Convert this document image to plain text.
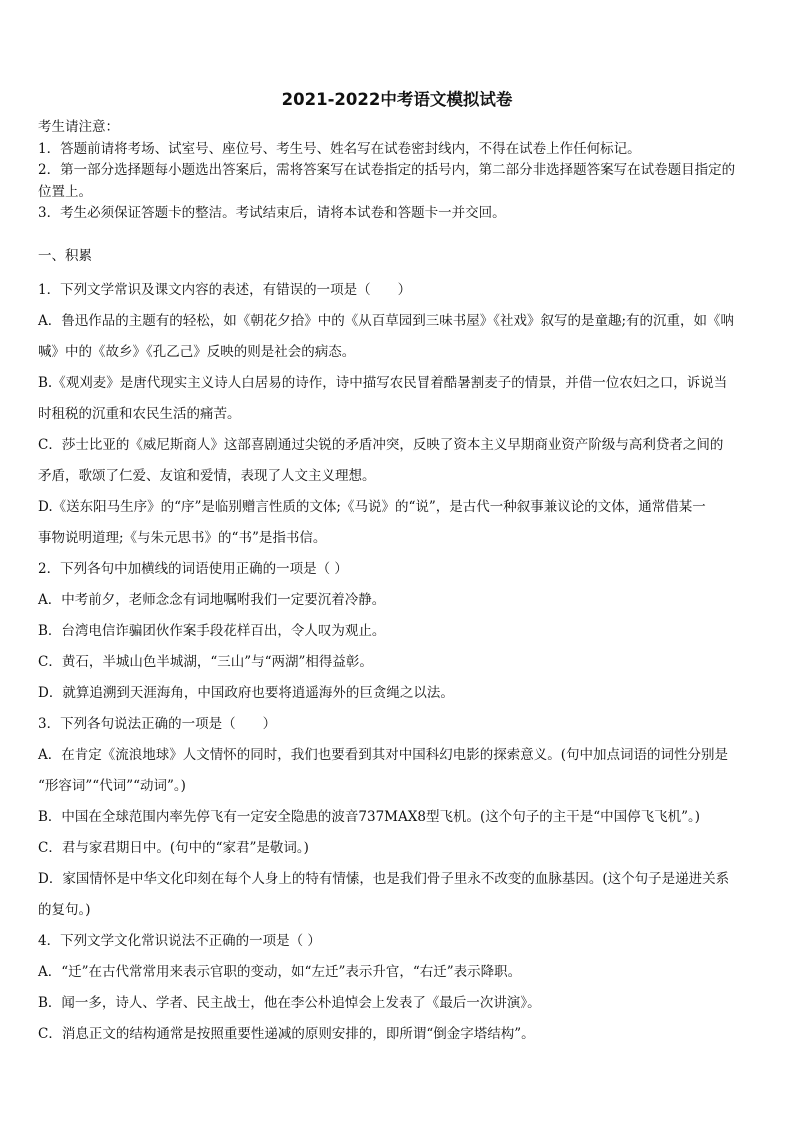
2021-2022中考语文模拟试卷
考生请注意：
1．答题前请将考场、试室号、座位号、考生号、姓名写在试卷密封线内，不得在试卷上作任何标记。
2．第一部分选择题每小题选出答案后，需将答案写在试卷指定的括号内，第二部分非选择题答案写在试卷题目指定的
位置上。
3．考生必须保证答题卡的整洁。考试结束后，请将本试卷和答题卡一并交回。
一、积累
1．下列文学常识及课文内容的表述，有错误的一项是（　　）
A．鲁迅作品的主题有的轻松，如《朝花夕拾》中的《从百草园到三味书屋》《社戏》叙写的是童趣;有的沉重，如《呐
喊》中的《故乡》《孔乙己》反映的则是社会的病态。
B.《观刈麦》是唐代现实主义诗人白居易的诗作，诗中描写农民冒着酷暑割麦子的情景，并借一位农妇之口，诉说当
时租税的沉重和农民生活的痛苦。
C．莎士比亚的《威尼斯商人》这部喜剧通过尖锐的矛盾冲突，反映了资本主义早期商业资产阶级与高利贷者之间的
矛盾，歌颂了仁爱、友谊和爱情，表现了人文主义理想。
D.《送东阳马生序》的“序”是临别赠言性质的文体;《马说》的“说”，是古代一种叙事兼议论的文体，通常借某一
事物说明道理;《与朱元思书》的“书”是指书信。
2．下列各句中加横线的词语使用正确的一项是（ ）
A．中考前夕，老师念念有词地嘱咐我们一定要沉着冷静。
B．台湾电信诈骗团伙作案手段花样百出，令人叹为观止。
C．黄石，半城山色半城湖，“三山”与“两湖”相得益彰。
D．就算追溯到天涯海角，中国政府也要将逍遥海外的巨贪绳之以法。
3．下列各句说法正确的一项是（　　）
A．在肯定《流浪地球》人文情怀的同时，我们也要看到其对中国科幻电影的探索意义。(句中加点词语的词性分别是
“形容词”“代词”“动词”。)
B．中国在全球范围内率先停飞有一定安全隐患的波音737MAX8型飞机。(这个句子的主干是“中国停飞飞机”。)
C．君与家君期日中。(句中的“家君”是敬词。)
D．家国情怀是中华文化印刻在每个人身上的特有情愫，也是我们骨子里永不改变的血脉基因。(这个句子是递进关系
的复句。)
4．下列文学文化常识说法不正确的一项是（ ）
A．“迁”在古代常常用来表示官职的变动，如“左迁”表示升官，“右迁”表示降职。
B．闻一多，诗人、学者、民主战士，他在李公朴追悼会上发表了《最后一次讲演》。
C．消息正文的结构通常是按照重要性递减的原则安排的，即所谓“倒金字塔结构”。
